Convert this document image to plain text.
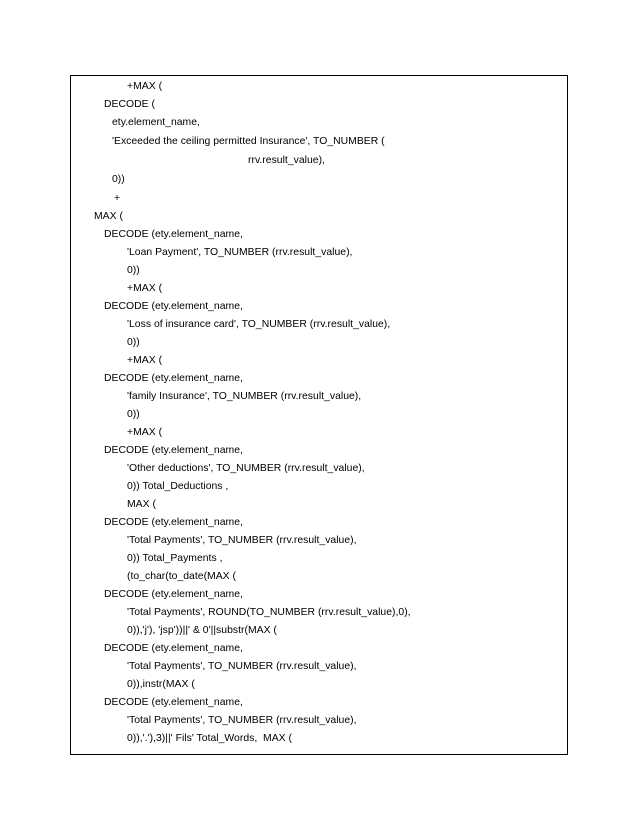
+MAX (
DECODE (
ety.element_name,
'Exceeded the ceiling permitted Insurance', TO_NUMBER (
rrv.result_value),
0))
+
MAX (
DECODE (ety.element_name,
'Loan Payment', TO_NUMBER (rrv.result_value),
0))
+MAX (
DECODE (ety.element_name,
'Loss of insurance card', TO_NUMBER (rrv.result_value),
0))
+MAX (
DECODE (ety.element_name,
'family Insurance', TO_NUMBER (rrv.result_value),
0))
+MAX (
DECODE (ety.element_name,
'Other deductions', TO_NUMBER (rrv.result_value),
0)) Total_Deductions ,
MAX (
DECODE (ety.element_name,
'Total Payments', TO_NUMBER (rrv.result_value),
0)) Total_Payments ,
(to_char(to_date(MAX (
DECODE (ety.element_name,
'Total Payments', ROUND(TO_NUMBER (rrv.result_value),0),
0)),'j'), 'jsp'))||' & 0'||substr(MAX (
DECODE (ety.element_name,
'Total Payments', TO_NUMBER (rrv.result_value),
0)),instr(MAX (
DECODE (ety.element_name,
'Total Payments', TO_NUMBER (rrv.result_value),
0)),'.'),3)||' Fils' Total_Words,  MAX (
